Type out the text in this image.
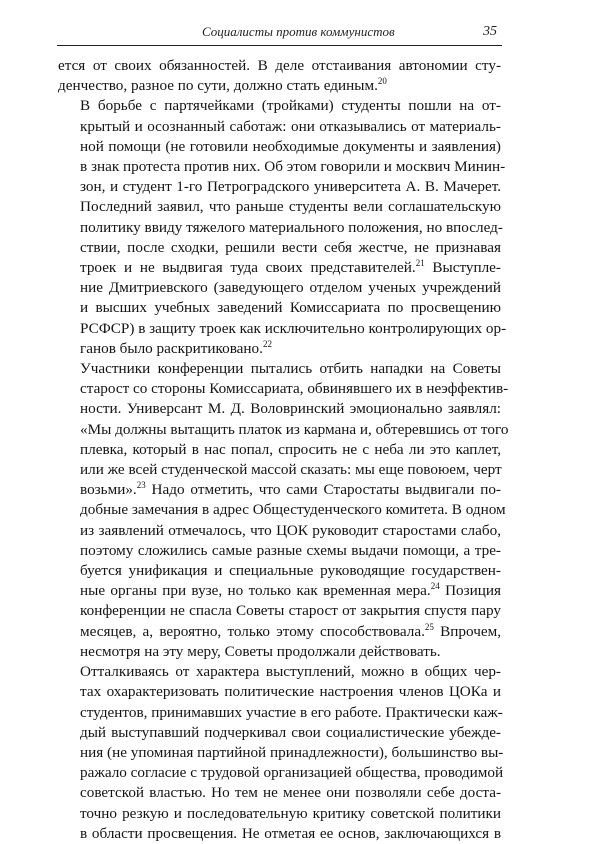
Социалисты против коммунистов	35

ется от своих обязанностей. В деле отстаивания автономии сту-
денчество, разное по сути, должно стать единым.$^{20}$

В борьбе с партячейками (тройками) студенты пошли на от-
крытый и осознанный саботаж: они отказывались от материаль-
ной помощи (не готовили необходимые документы и заявления)
в знак протеста против них. Об этом говорили и москвич Минин-
зон, и студент 1-го Петроградского университета А. В. Мачерет.
Последний заявил, что раньше студенты вели соглашательскую
политику ввиду тяжелого материального положения, но впослед-
ствии, после сходки, решили вести себя жестче, не признавая
троек и не выдвигая туда своих представителей.$^{21}$ Выступле-
ние Дмитриевского (заведующего отделом ученых учреждений
и высших учебных заведений Комиссариата по просвещению
РСФСР) в защиту троек как исключительно контролирующих ор-
ганов было раскритиковано.$^{22}$

Участники конференции пытались отбить нападки на Советы
старост со стороны Комиссариата, обвинявшего их в неэффектив-
ности. Универсант М. Д. Воловринский эмоционально заявлял:
«Мы должны вытащить платок из кармана и, обтеревшись от того
плевка, который в нас попал, спросить не с неба ли это каплет,
или же всей студенческой массой сказать: мы еще повоюем, черт
возьми».$^{23}$ Надо отметить, что сами Старостаты выдвигали по-
добные замечания в адрес Общестуденческого комитета. В одном
из заявлений отмечалось, что ЦОК руководит старостами слабо,
поэтому сложились самые разные схемы выдачи помощи, а тре-
буется унификация и специальные руководящие государствен-
ные органы при вузе, но только как временная мера.$^{24}$ Позиция
конференции не спасла Советы старост от закрытия спустя пару
месяцев, а, вероятно, только этому способствовала.$^{25}$ Впрочем,
несмотря на эту меру, Советы продолжали действовать.

Отталкиваясь от характера выступлений, можно в общих чер-
тах охарактеризовать политические настроения членов ЦОКа и
студентов, принимавших участие в его работе. Практически каж-
дый выступавший подчеркивал свои социалистические убежде-
ния (не упоминая партийной принадлежности), большинство вы-
ражало согласие с трудовой организацией общества, проводимой
советской властью. Но тем не менее они позволяли себе доста-
точно резкую и последовательную критику советской политики
в области просвещения. Не отметая ее основ, заключающихся в
